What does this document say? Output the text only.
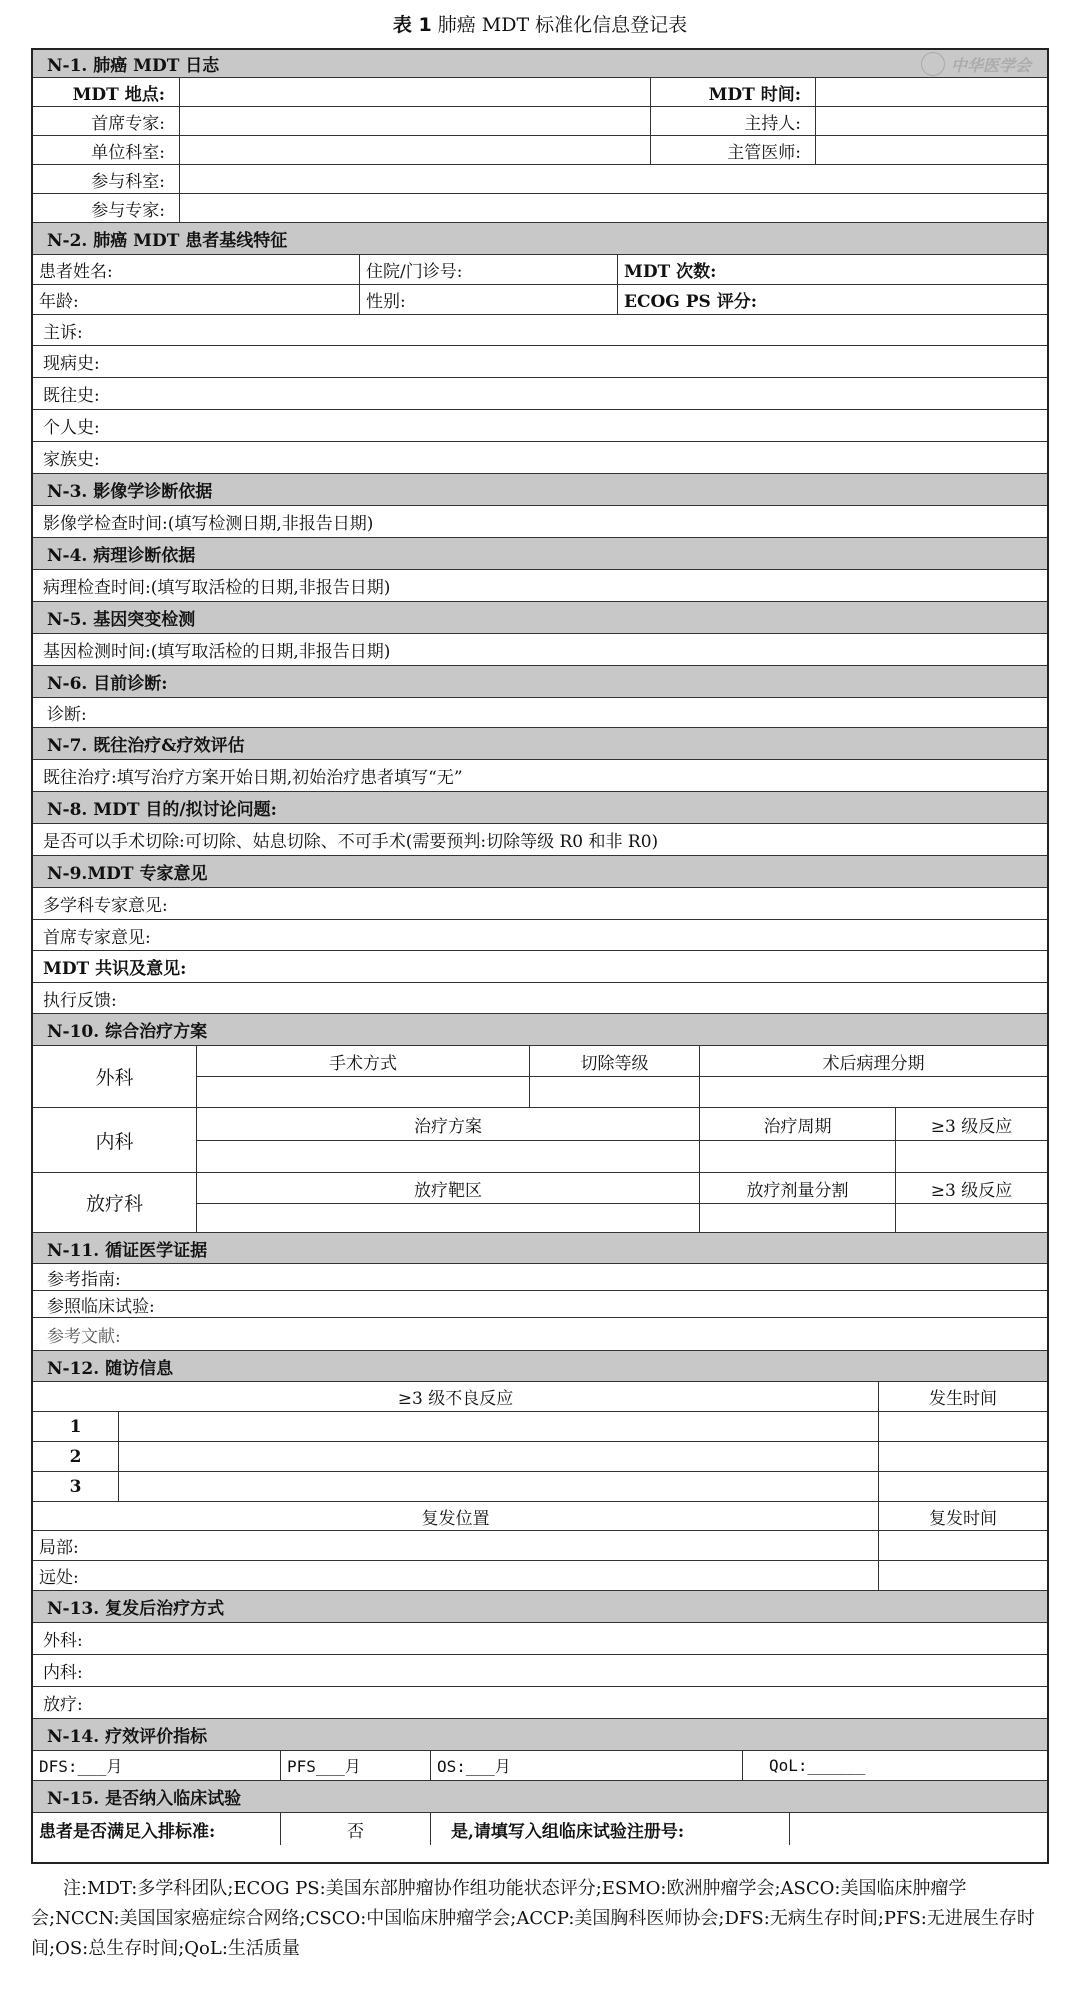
表 1 肺癌 MDT 标准化信息登记表
N-1. 肺癌 MDT 日志	中华医学会
MDT 地点:	MDT 时间:
首席专家:	主持人:
单位科室:	主管医师:
参与科室:
参与专家:
N-2. 肺癌 MDT 患者基线特征
患者姓名:	住院/门诊号:	MDT 次数:
年龄:	性别:	ECOG PS 评分:
主诉:
现病史:
既往史:
个人史:
家族史:
N-3. 影像学诊断依据
影像学检查时间: (填写检测日期,非报告日期)
N-4. 病理诊断依据
病理检查时间: (填写取活检的日期,非报告日期)
N-5. 基因突变检测
基因检测时间: (填写取活检的日期,非报告日期)
N-6. 目前诊断:
诊断:
N-7. 既往治疗&疗效评估
既往治疗: 填写治疗方案开始日期,初始治疗患者填写“无”
N-8. MDT 目的/拟讨论问题:
是否可以手术切除: 可切除、姑息切除、不可手术(需要预判:切除等级 R0 和非 R0)
N-9.MDT 专家意见
多学科专家意见:
首席专家意见:
MDT 共识及意见:
执行反馈:
N-10. 综合治疗方案
外科
手术方式	切除等级	术后病理分期
内科
治疗方案	治疗周期	≥3 级反应
放疗科
放疗靶区	放疗剂量分割	≥3 级反应
N-11. 循证医学证据
参考指南:
参照临床试验:
参考文献:
N-12. 随访信息
≥3 级不良反应	发生时间
1
2
3
复发位置	复发时间
局部:
远处:
N-13. 复发后治疗方式
外科:
内科:
放疗:
N-14. 疗效评价指标
DFS:___月	PFS___月	OS:___月	QoL:______
N-15. 是否纳入临床试验
患者是否满足入排标准:	否	是,请填写入组临床试验注册号:
注:MDT:多学科团队;ECOG PS:美国东部肿瘤协作组功能状态评分;ESMO:欧洲肿瘤学会;ASCO:美国临床肿瘤学会;NCCN:美国国家癌症综合网络;CSCO:中国临床肿瘤学会;ACCP:美国胸科医师协会;DFS:无病生存时间;PFS:无进展生存时间;OS:总生存时间;QoL:生活质量
